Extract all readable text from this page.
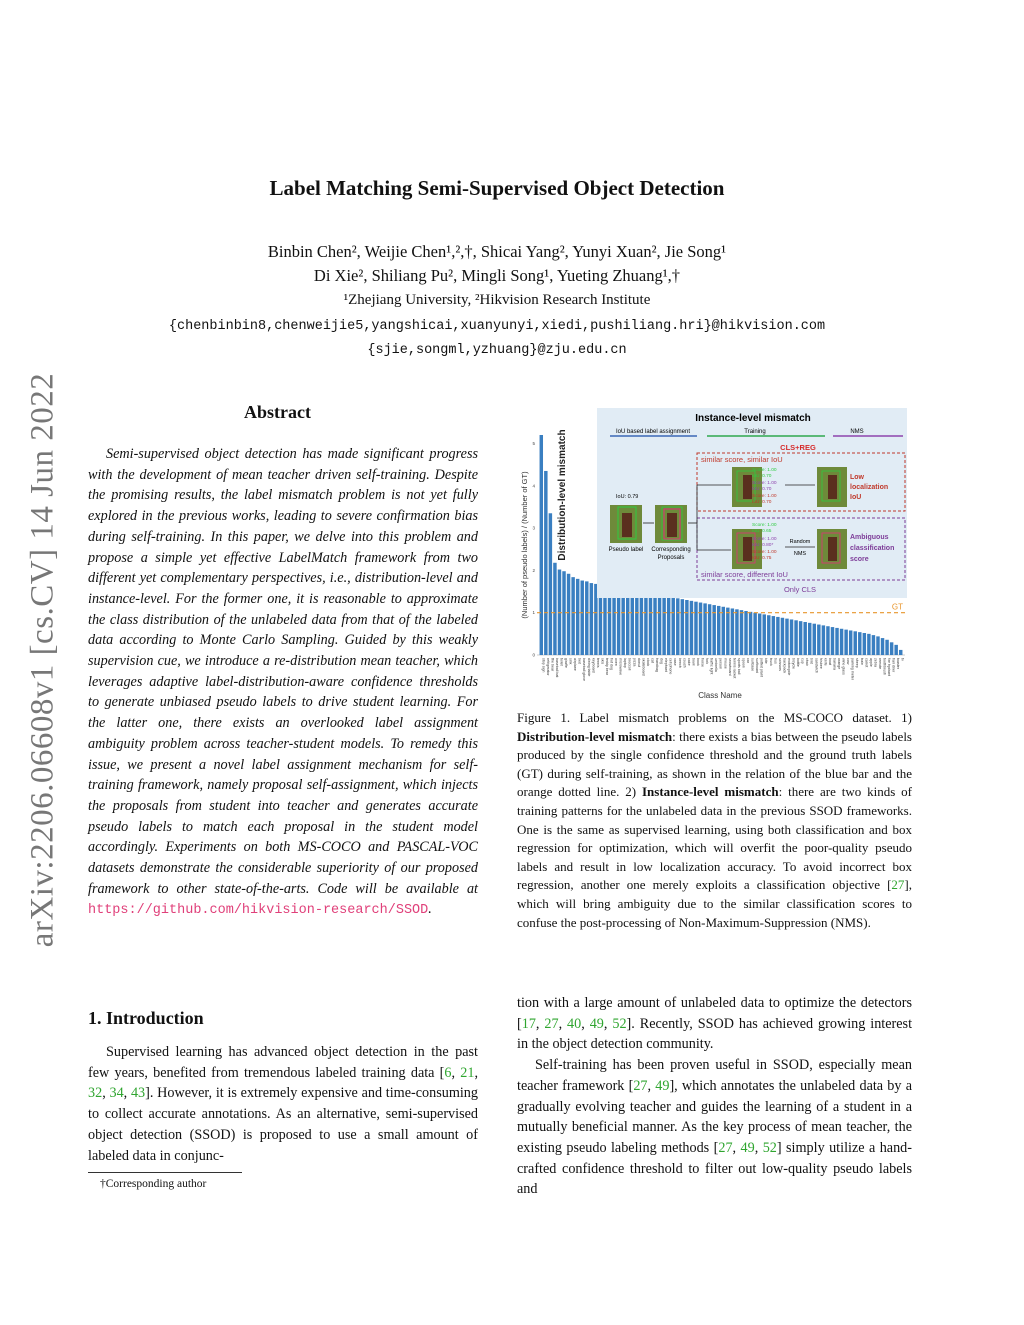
Label Matching Semi-Supervised Object Detection
Binbin Chen², Weijie Chen¹,²,†, Shicai Yang², Yunyi Xuan², Jie Song¹
Di Xie², Shiliang Pu², Mingli Song¹, Yueting Zhuang¹,†
¹Zhejiang University, ²Hikvision Research Institute
{chenbinbin8,chenweijie5,yangshicai,xuanyunyi,xiedi,pushiliang.hri}@hikvision.com
{sjie,songml,yzhuang}@zju.edu.cn
arXiv:2206.06608v1 [cs.CV] 14 Jun 2022	Abstract
Semi-supervised object detection has made significant progress with the development of mean teacher driven self-training. Despite the promising results, the label mismatch problem is not yet fully explored in the previous works, leading to severe confirmation bias during self-training. In this paper, we delve into this problem and propose a simple yet effective LabelMatch framework from two different yet complementary perspectives, i.e., distribution-level and instance-level. For the former one, it is reasonable to approximate the class distribution of the unlabeled data from that of the labeled data according to Monte Carlo Sampling. Guided by this weakly supervision cue, we introduce a re-distribution mean teacher, which leverages adaptive label-distribution-aware confidence thresholds to generate unbiased pseudo labels to drive student learning. For the latter one, there exists an overlooked label assignment ambiguity problem across teacher-student models. To remedy this issue, we present a novel label assignment mechanism for self-training framework, namely proposal self-assignment, which injects the proposals from student into teacher and generates accurate pseudo labels to match each proposal in the student model accordingly. Experiments on both MS-COCO and PASCAL-VOC datasets demonstrate the considerable superiority of our proposed framework to other state-of-the-arts. Code will be available at https://github.com/hikvision-research/SSOD.
1. Introduction
Supervised learning has advanced object detection in the past few years, benefited from tremendous labeled training data [6, 21, 32, 34, 43]. However, it is extremely expensive and time-consuming to collect accurate annotations. As an alternative, semi-supervised object detection (SSOD) is proposed to use a small amount of labeled data in conjunc-
†Corresponding author
Figure 1. Label mismatch problems on the MS-COCO dataset. 1) Distribution-level mismatch: there exists a bias between the pseudo labels produced by the single confidence threshold and the ground truth labels (GT) during self-training, as shown in the relation of the blue bar and the orange dotted line. 2) Instance-level mismatch: there are two kinds of training patterns for the unlabeled data in the previous SSOD frameworks. One is the same as supervised learning, using both classification and box regression for optimization, which will overfit the poor-quality pseudo labels and result in low localization accuracy. To avoid incorrect box regression, another one merely exploits a classification objective [27], which will bring ambiguity due to the similar classification scores to confuse the post-processing of Non-Maximum-Suppression (NMS).

tion with a large amount of unlabeled data to optimize the detectors [17, 27, 40, 49, 52]. Recently, SSOD has achieved growing interest in the object detection community.

Self-training has been proven useful in SSOD, especially mean teacher framework [27, 49], which annotates the unlabeled data by a gradually evolving teacher and guides the learning of a student in a mutually beneficial manner. As the key process of mean teacher, the existing pseudo labeling methods [27, 49, 52] simply utilize a hand-crafted confidence threshold to filter out low-quality pseudo labels and

(Number of pseudo labels) / (Number of GT)	Distribution-level mismatch
0
1
2
3
4
5
stop sign refrigerator the bear baseball bat toilet giraffe sink airplane bed baseball glove dining table keyboard tennis skis teddy bear hot dog oven microwave laptop broccoli pizza donut skateboard clock cat handbag dog elephant cell phone vase bench couch cake bowl book horse fork traffic light umbrella person mouse snowboard tennis racket sports ball spoon car suitcase surfboard potted plant kite truck bus scissors backpack motorcycle bicycle bottle cup chair bird sandwich frisbee knife boat banana orange wine glass cow parking meter sheep train carrot apple zebra remote toothbrush fire hydrant hair drier toaster tv
GT
Class Name
Instance-level mismatch
IoU based label assignment	Training	NMS
CLS+REG
similar score, similar IoU
similar score, different IoU
Only CLS
IoU: 0.79
Pseudo label Corresponding
Proposals
Score: 1.00
IoU: 0.70
Score: 1.00
IoU: 0.70
Score: 1.00
IoU: 0.70
Low
localization
IoU
Score: 1.00
IoU: 0.65
Score: 1.00
IoU: 0.80*
Score: 1.00
IoU: 0.75
Random
NMS
Ambiguous
classification
score
